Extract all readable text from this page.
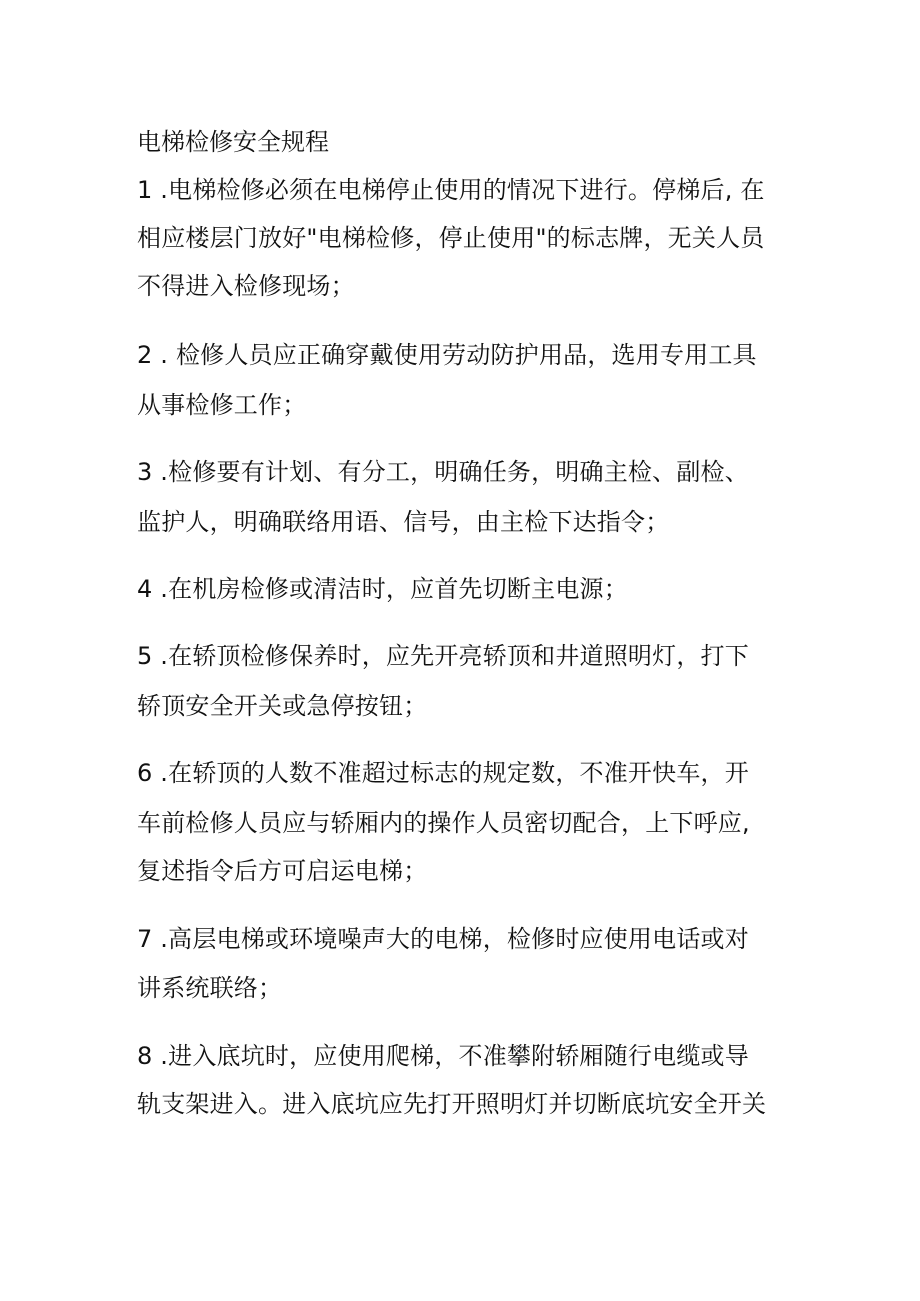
电梯检修安全规程
1 .电梯检修必须在电梯停止使用的情况下进行。停梯后, 在
相应楼层门放好"电梯检修，停止使用"的标志牌，无关人员
不得进入检修现场；
2 . 检修人员应正确穿戴使用劳动防护用品，选用专用工具
从事检修工作；
3 .检修要有计划、有分工，明确任务，明确主检、副检、
监护人，明确联络用语、信号，由主检下达指令；
4 .在机房检修或清洁时，应首先切断主电源；
5 .在轿顶检修保养时，应先开亮轿顶和井道照明灯，打下
轿顶安全开关或急停按钮；
6 .在轿顶的人数不准超过标志的规定数，不准开快车，开
车前检修人员应与轿厢内的操作人员密切配合，上下呼应,
复述指令后方可启运电梯；
7 .高层电梯或环境噪声大的电梯，检修时应使用电话或对
讲系统联络；
8 .进入底坑时，应使用爬梯，不准攀附轿厢随行电缆或导
轨支架进入。进入底坑应先打开照明灯并切断底坑安全开关
